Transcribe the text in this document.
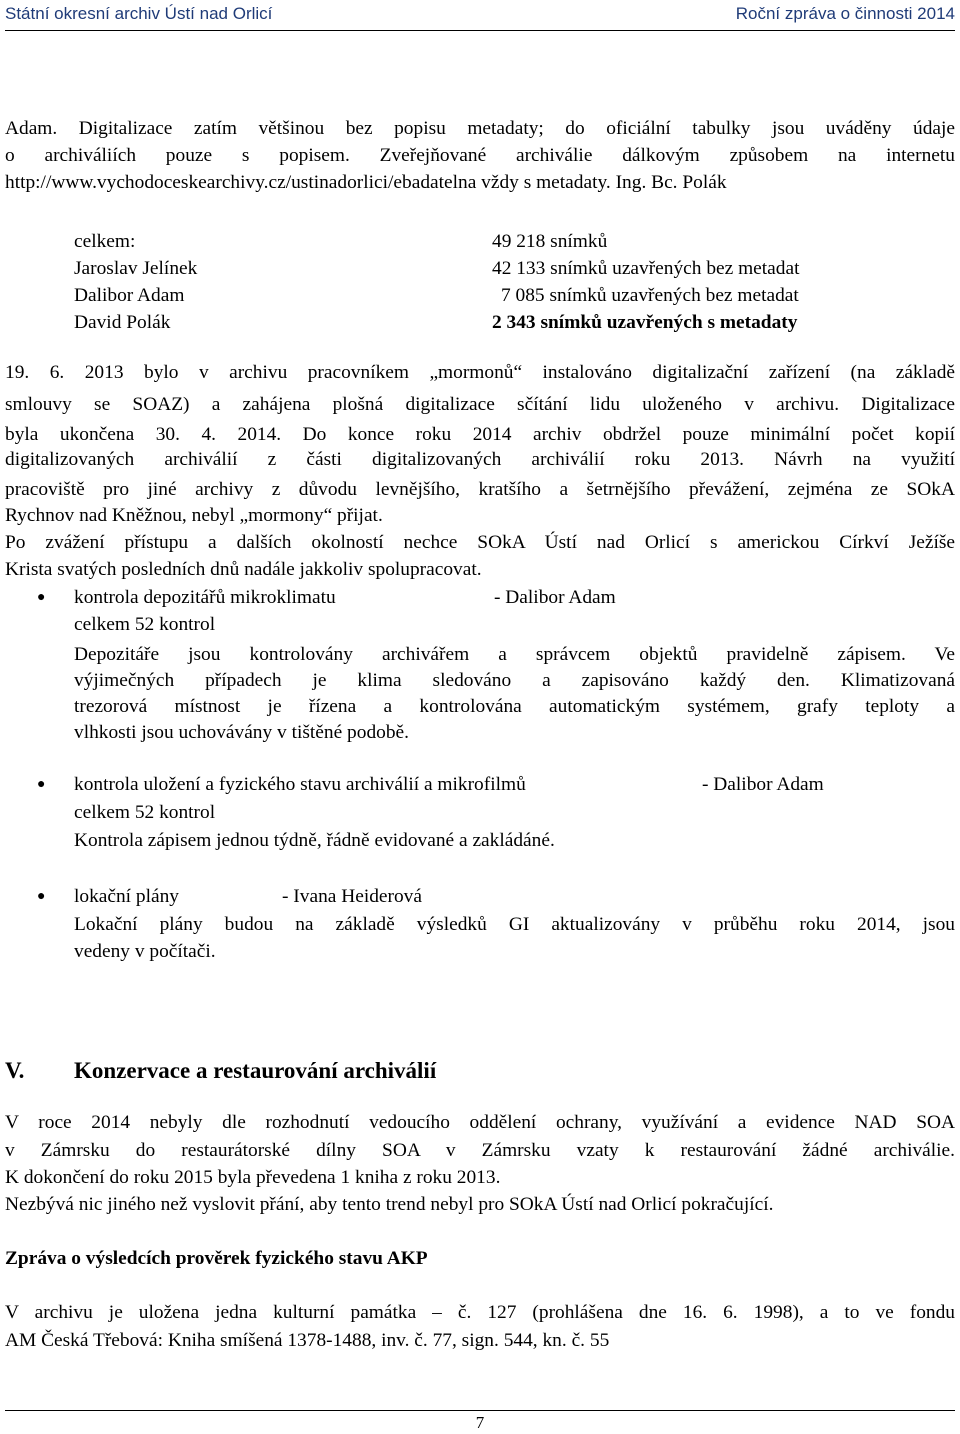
Státní okresní archiv Ústí nad Orlicí	Roční zpráva o činnosti 2014
Adam. Digitalizace zatím většinou bez popisu metadaty; do oficiální tabulky jsou uváděny údaje
o archiváliích pouze s popisem. Zveřejňované archiválie dálkovým způsobem na internetu
http://www.vychodoceskearchivy.cz/ustinadorlici/ebadatelna vždy s metadaty. Ing. Bc. Polák
celkem:	49 218 snímků
Jaroslav Jelínek	42 133 snímků uzavřených bez metadat
Dalibor Adam	7 085 snímků uzavřených bez metadat
David Polák	2 343 snímků uzavřených s metadaty
19. 6. 2013 bylo v archivu pracovníkem „mormonů“ instalováno digitalizační zařízení (na základě
smlouvy se SOAZ) a zahájena plošná digitalizace sčítání lidu uloženého v archivu. Digitalizace
byla ukončena 30. 4. 2014. Do konce roku 2014 archiv obdržel pouze minimální počet kopií
digitalizovaných archiválií z části digitalizovaných archiválií roku 2013. Návrh na využití
pracoviště pro jiné archivy z důvodu levnějšího, kratšího a šetrnějšího převážení, zejména ze SOkA
Rychnov nad Kněžnou, nebyl „mormony“ přijat.
Po zvážení přístupu a dalších okolností nechce SOkA Ústí nad Orlicí s americkou Církví Ježíše
Krista svatých posledních dnů nadále jakkoliv spolupracovat.
● kontrola depozitářů mikroklimatu	- Dalibor Adam
celkem 52 kontrol
Depozitáře jsou kontrolovány archivářem a správcem objektů pravidelně zápisem. Ve
výjimečných případech je klima sledováno a zapisováno každý den. Klimatizovaná
trezorová místnost je řízena a kontrolována automatickým systémem, grafy teploty a
vlhkosti jsou uchovávány v tištěné podobě.
● kontrola uložení a fyzického stavu archiválií a mikrofilmů	- Dalibor Adam
celkem 52 kontrol
Kontrola zápisem jednou týdně, řádně evidované a zakládáné.
● lokační plány	- Ivana Heiderová
Lokační plány budou na základě výsledků GI aktualizovány v průběhu roku 2014, jsou
vedeny v počítači.
V. Konzervace a restaurování archiválií
V roce 2014 nebyly dle rozhodnutí vedoucího oddělení ochrany, využívání a evidence NAD SOA
v Zámrsku do restaurátorské dílny SOA v Zámrsku vzaty k restaurování žádné archiválie.
K dokončení do roku 2015 byla převedena 1 kniha z roku 2013.
Nezbývá nic jiného než vyslovit přání, aby tento trend nebyl pro SOkA Ústí nad Orlicí pokračující.
Zpráva o výsledcích prověrek fyzického stavu AKP
V archivu je uložena jedna kulturní památka – č. 127 (prohlášena dne 16. 6. 1998), a to ve fondu
AM Česká Třebová: Kniha smíšená 1378-1488, inv. č. 77, sign. 544, kn. č. 55
7
